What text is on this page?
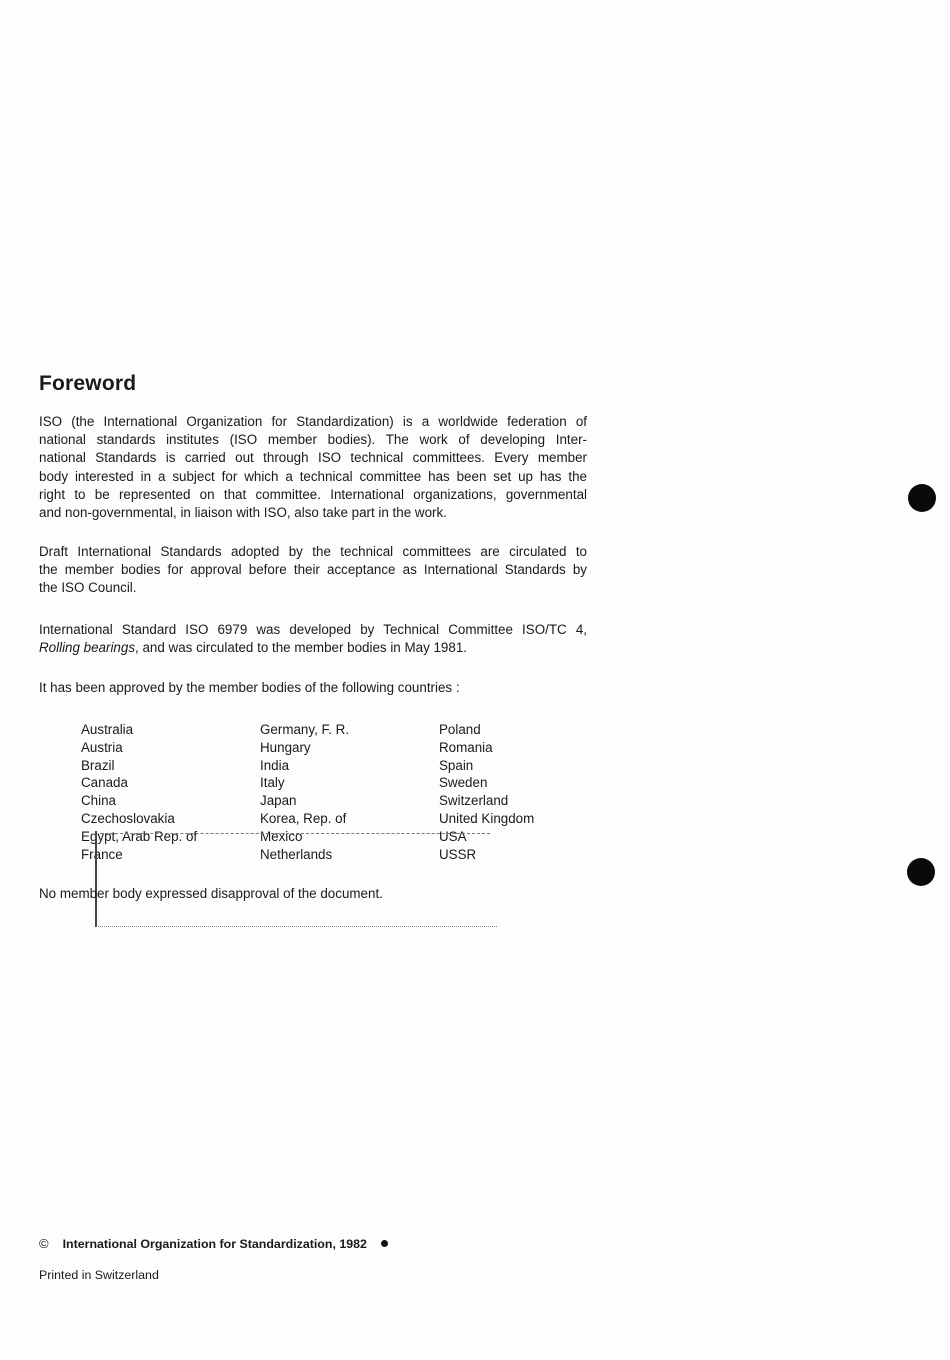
Foreword
ISO (the International Organization for Standardization) is a worldwide federation of
national standards institutes (ISO member bodies). The work of developing Inter-
national Standards is carried out through ISO technical committees. Every member
body interested in a subject for which a technical committee has been set up has the
right to be represented on that committee. International organizations, governmental
and non-governmental, in liaison with ISO, also take part in the work.
Draft International Standards adopted by the technical committees are circulated to
the member bodies for approval before their acceptance as International Standards by
the ISO Council.
International Standard ISO 6979 was developed by Technical Committee ISO/TC 4,
Rolling bearings, and was circulated to the member bodies in May 1981.

It has been approved by the member bodies of the following countries :

Australia	Germany, F. R.	Poland
Austria	Hungary	Romania
Brazil	India	Spain
Canada	Italy	Sweden
China	Japan	Switzerland
Czechoslovakia	Korea, Rep. of	United Kingdom
Egypt, Arab Rep. of	Mexico	USA
France	Netherlands	USSR

No member body expressed disapproval of the document.

© International Organization for Standardization, 1982
Printed in Switzerland
